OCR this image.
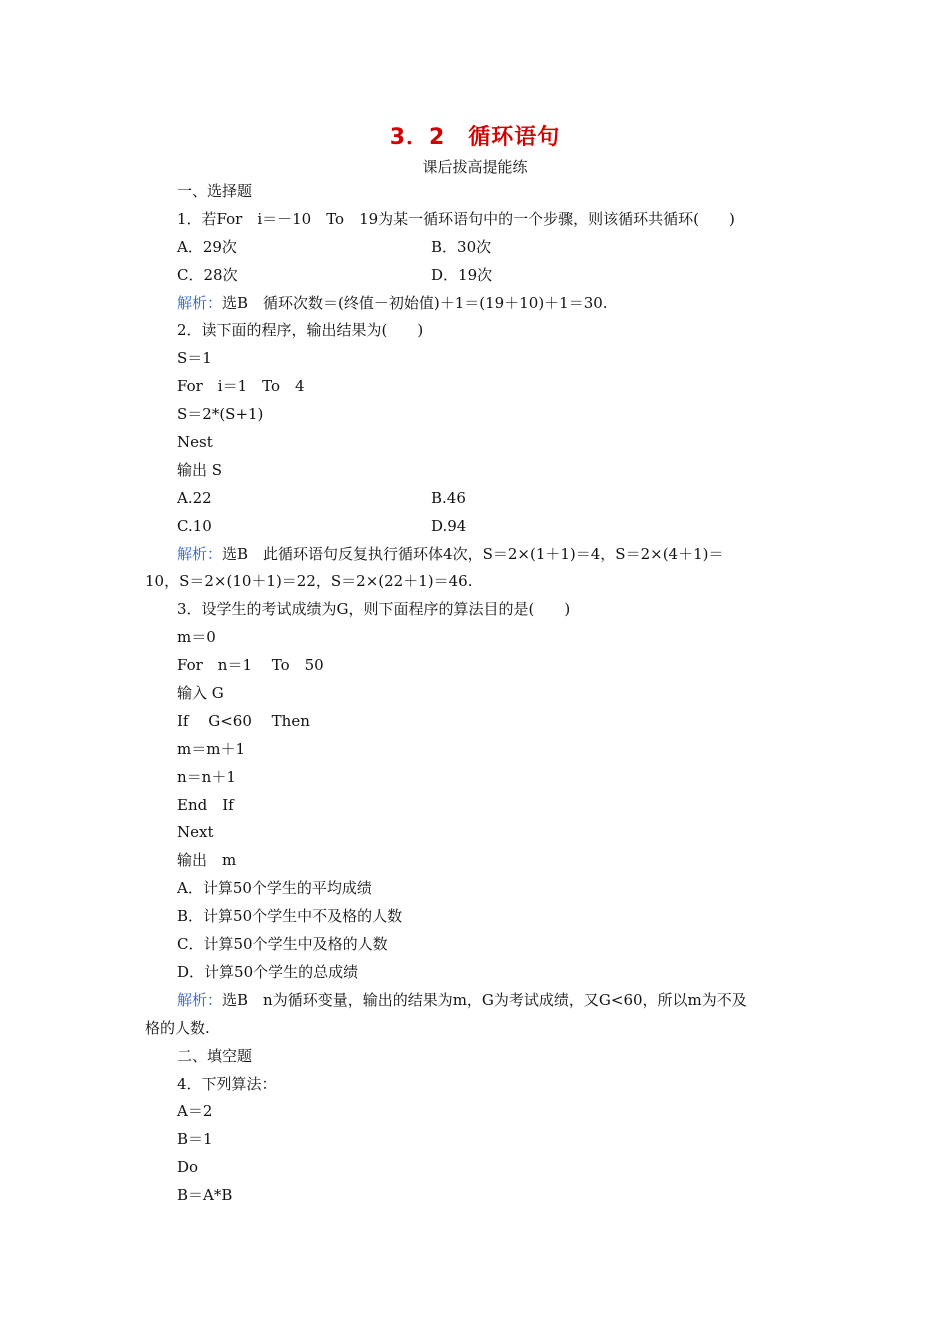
3．2　循环语句
课后拔高提能练
一、选择题
1．若For　i＝－10　To　19为某一循环语句中的一个步骤，则该循环共循环(　　)
A．29次	B．30次
C．28次	D．19次
解析：选B　循环次数＝(终值－初始值)＋1＝(19＋10)＋1＝30.
2．读下面的程序，输出结果为(　　)
S＝1
For　i＝1　To　4
S＝2*(S+1)
Nest
输出 S
A.22	B.46
C.10	D.94
解析：选B　此循环语句反复执行循环体4次，S＝2×(1＋1)＝4，S＝2×(4＋1)＝
10，S＝2×(10＋1)＝22，S＝2×(22＋1)＝46.
3．设学生的考试成绩为G，则下面程序的算法目的是(　　)
m＝0
For　n＝1　 To　50
输入 G
If　 G<60　 Then
m＝m＋1
n＝n＋1
End　If
Next
输出　m
A．计算50个学生的平均成绩
B．计算50个学生中不及格的人数
C．计算50个学生中及格的人数
D．计算50个学生的总成绩
解析：选B　n为循环变量，输出的结果为m，G为考试成绩，又G<60，所以m为不及
格的人数.
二、填空题
4．下列算法：
A＝2
B＝1
Do
B＝A*B
